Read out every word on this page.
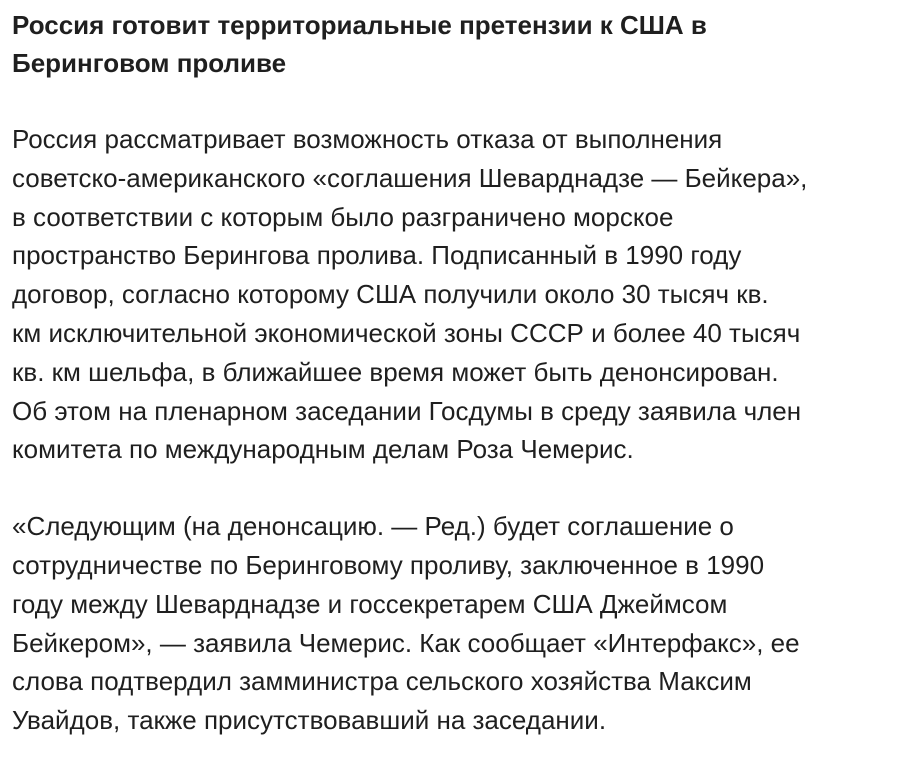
Россия готовит территориальные претензии к США в
Беринговом проливе

Россия рассматривает возможность отказа от выполнения
советско-американского «соглашения Шеварднадзе — Бейкера»,
в соответствии с которым было разграничено морское
пространство Берингова пролива. Подписанный в 1990 году
договор, согласно которому США получили около 30 тысяч кв.
км исключительной экономической зоны СССР и более 40 тысяч
кв. км шельфа, в ближайшее время может быть денонсирован.
Об этом на пленарном заседании Госдумы в среду заявила член
комитета по международным делам Роза Чемерис.

«Следующим (на денонсацию. — Ред.) будет соглашение о
сотрудничестве по Беринговому проливу, заключенное в 1990
году между Шеварднадзе и госсекретарем США Джеймсом
Бейкером», — заявила Чемерис. Как сообщает «Интерфакс», ее
слова подтвердил замминистра сельского хозяйства Максим
Увайдов, также присутствовавший на заседании.
